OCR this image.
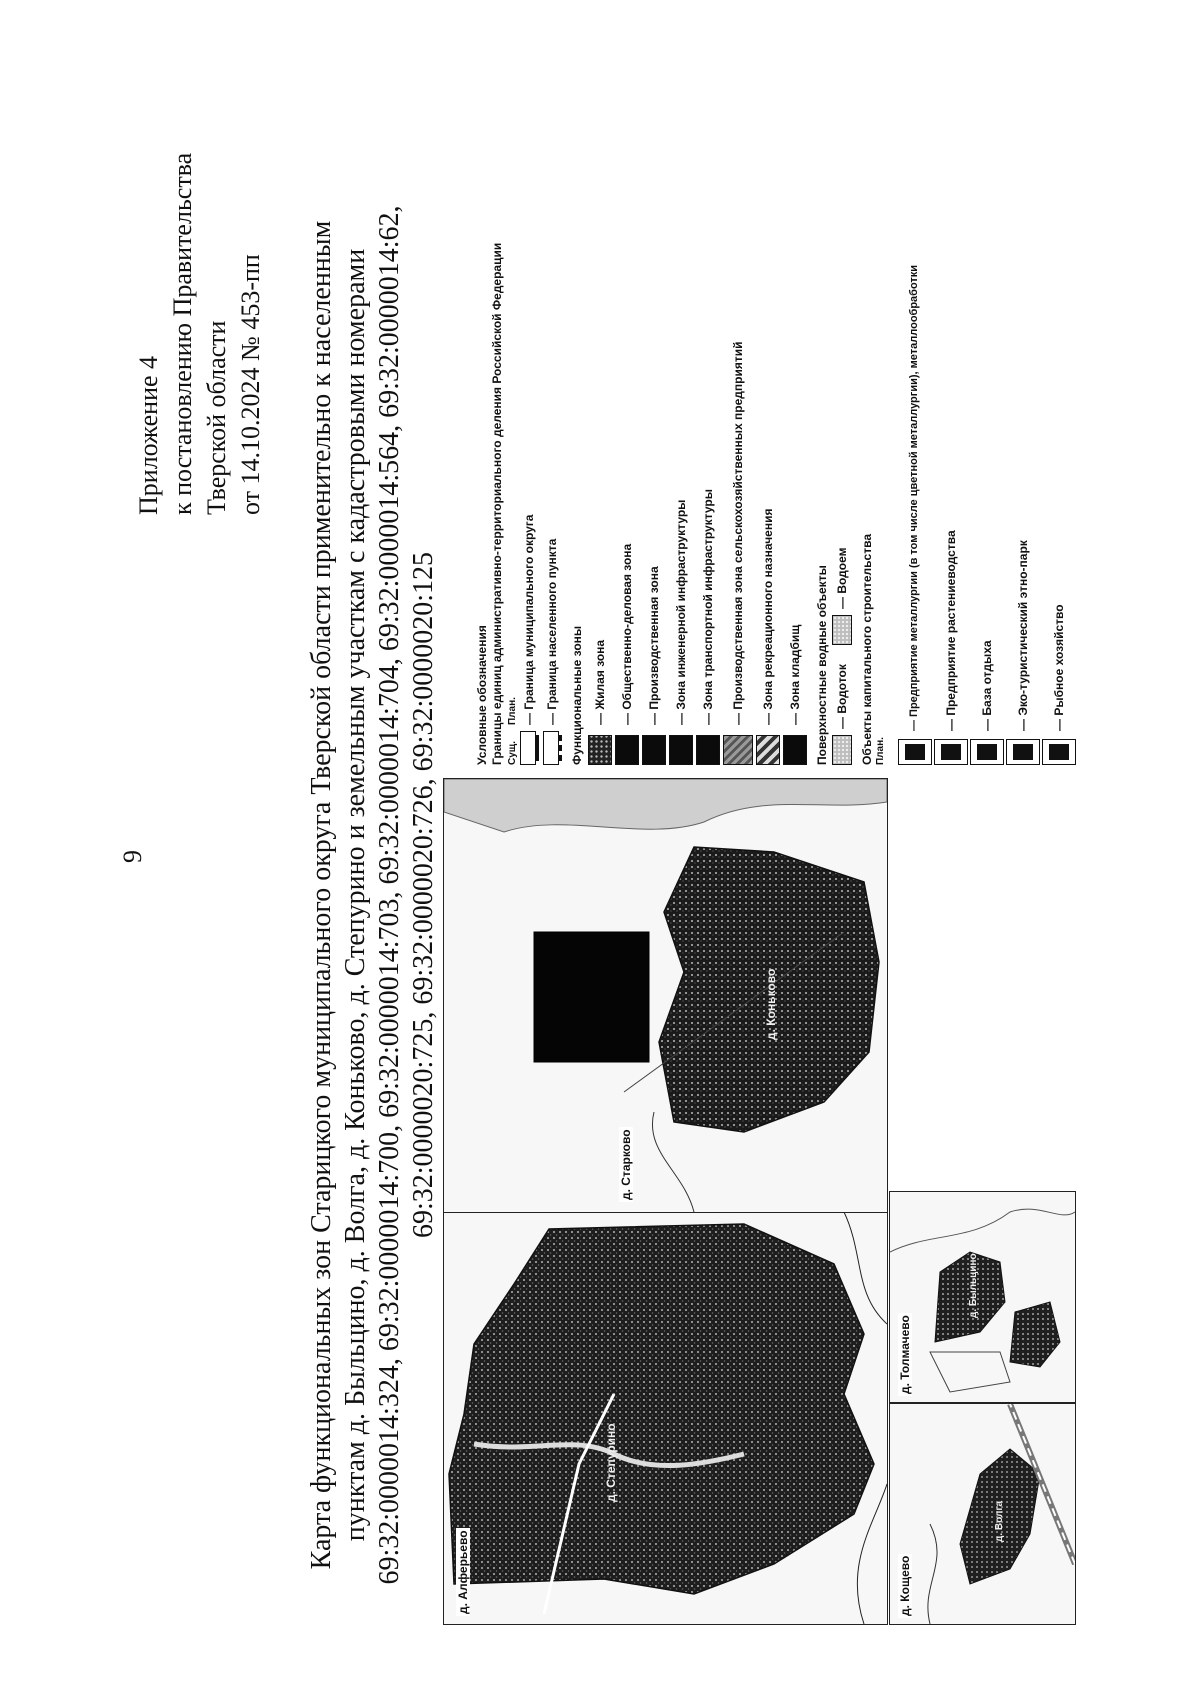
9
Приложение 4 к постановлению Правительства Тверской области от 14.10.2024 № 453-пп Карта функциональных зон Старицкого муниципального округа Тверской области применительно к населенным пунктам д. Быльцино, д. Волга, д. Коньково, д. Степурино и земельным участкам с кадастровыми номерами 69:32:0000014:324, 69:32:0000014:700, 69:32:0000014:703, 69:32:0000014:704, 69:32:0000014:564, 69:32:0000014:62, 69:32:0000020:725, 69:32:0000020:726, 69:32:0000020:125
д. Алферьево
д. Степурино
д. Старково
д. Коньково
д. Кощево
д. Волга
д. Толмачево
д. Быльцино
Условные обозначения Границы единиц административно-территориального деления Российской Федерации Сущ.
План. — Граница муниципального округа — Граница населенного пункта Функциональные зоны — Жилая зона — Общественно-деловая зона — Производственная зона — Зона инженерной инфраструктуры — Зона транспортной инфраструктуры — Производственная зона сельскохозяйственных предприятий — Зона рекреационного назначения — Зона кладбищ Поверхностные водные объекты — Водоток
— Водоем Объекты капитального строительства План.
— Предприятие металлургии (в том числе цветной металлургии), металлообработки — Предприятие растениеводства — База отдыха — Эко-туристический этно-парк — Рыбное хозяйство
